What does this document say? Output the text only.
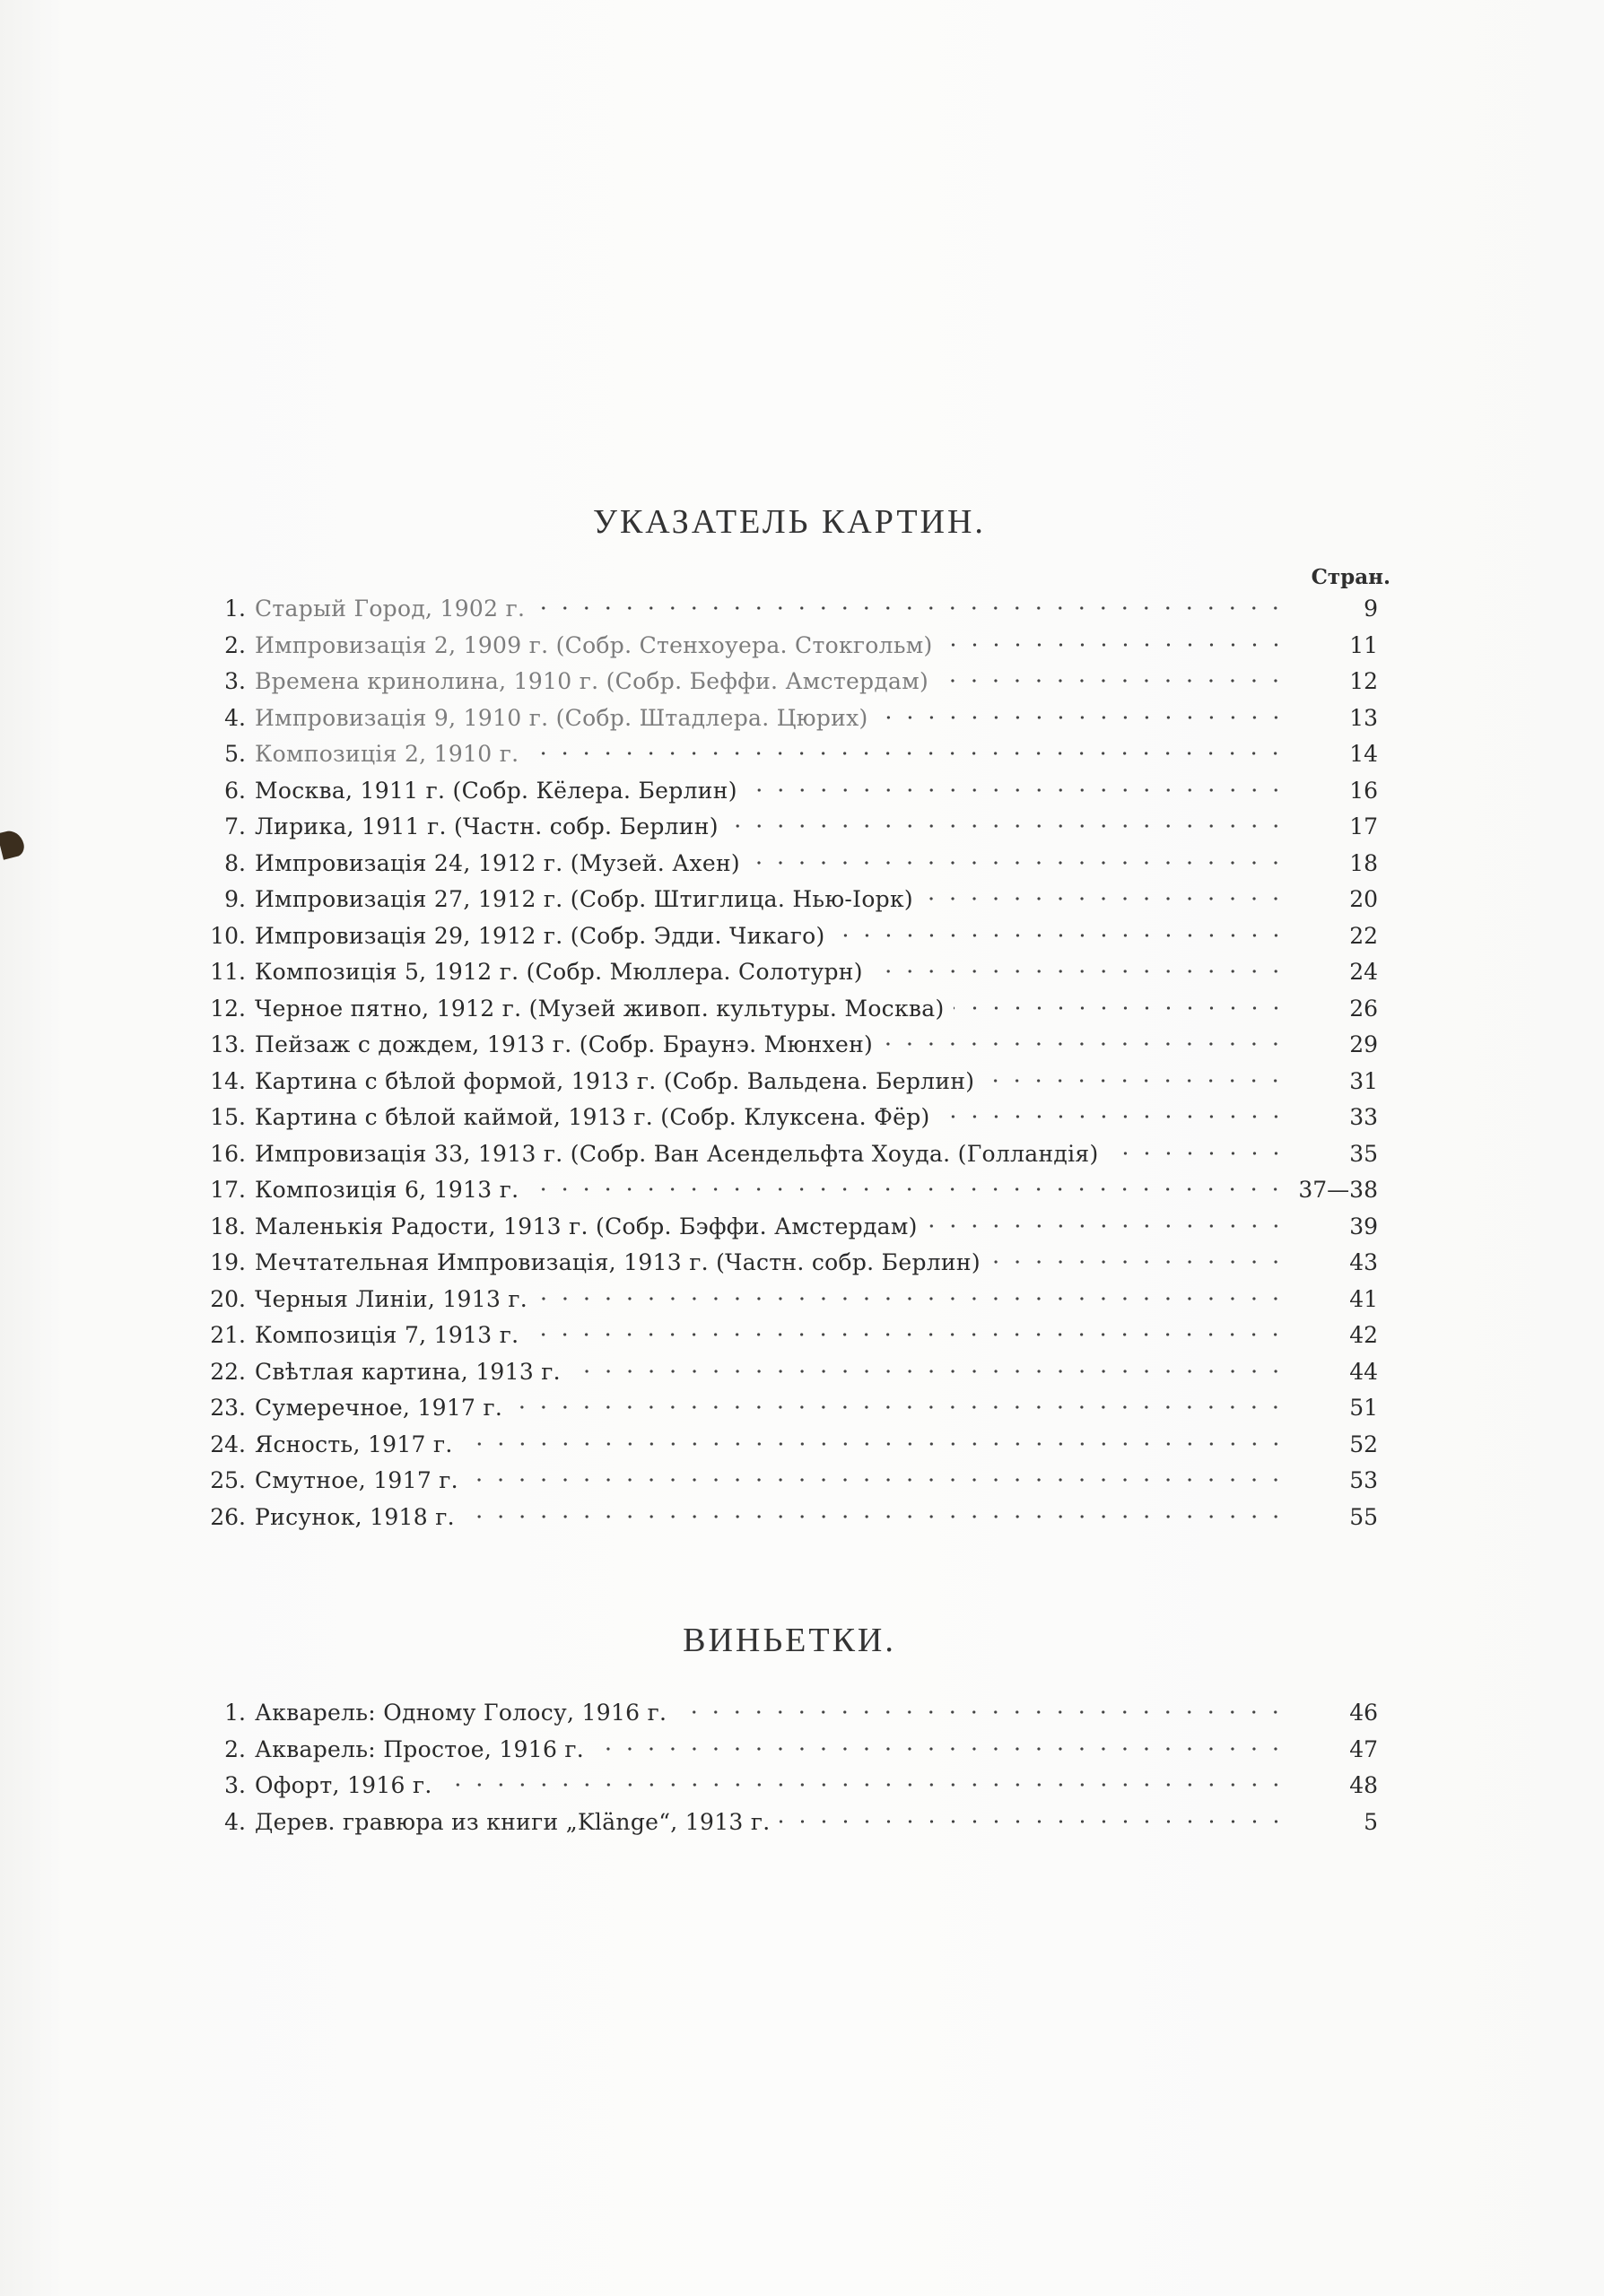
УКАЗАТЕЛЬ КАРТИН.
Стран.
1. Старый Город, 1902 г.	9
2. Импровизація 2, 1909 г. (Собр. Стенхоуера. Стокгольм)	11
3. Времена кринолина, 1910 г. (Собр. Беффи. Амстердам)	12
4. Импровизація 9, 1910 г. (Собр. Штадлера. Цюрих)	13
5. Композиція 2, 1910 г.	14
6. Москва, 1911 г. (Собр. Кёлера. Берлин)	16
7. Лирика, 1911 г. (Частн. собр. Берлин)	17
8. Импровизація 24, 1912 г. (Музей. Ахен)	18
9. Импровизація 27, 1912 г. (Собр. Штиглица. Нью-Iорк)	20
10. Импровизація 29, 1912 г. (Собр. Эдди. Чикаго)	22
11. Композиція 5, 1912 г. (Собр. Мюллера. Солотурн)	24
12. Черное пятно, 1912 г. (Музей живоп. культуры. Москва)	26
13. Пейзаж с дождем, 1913 г. (Собр. Браунэ. Мюнхен)	29
14. Картина с бѣлой формой, 1913 г. (Собр. Вальдена. Берлин)	31
15. Картина с бѣлой каймой, 1913 г. (Собр. Клуксена. Фёр)	33
16. Импровизація 33, 1913 г. (Собр. Ван Асендельфта Хоуда. (Голландія)	35
17. Композиція 6, 1913 г.	37—38
18. Маленькія Радости, 1913 г. (Собр. Бэффи. Амстердам)	39
19. Мечтательная Импровизація, 1913 г. (Частн. собр. Берлин)	43
20. Черныя Линіи, 1913 г.	41
21. Композиція 7, 1913 г.	42
22. Свѣтлая картина, 1913 г.	44
23. Сумеречное, 1917 г.	51
24. Ясность, 1917 г.	52
25. Смутное, 1917 г.	53
26. Рисунок, 1918 г.	55
ВИНЬЕТКИ.
1. Акварель: Одному Голосу, 1916 г.	46
2. Акварель: Простое, 1916 г.	47
3. Офорт, 1916 г.	48
4. Дерев. гравюра из книги „Klänge“, 1913 г.	5
